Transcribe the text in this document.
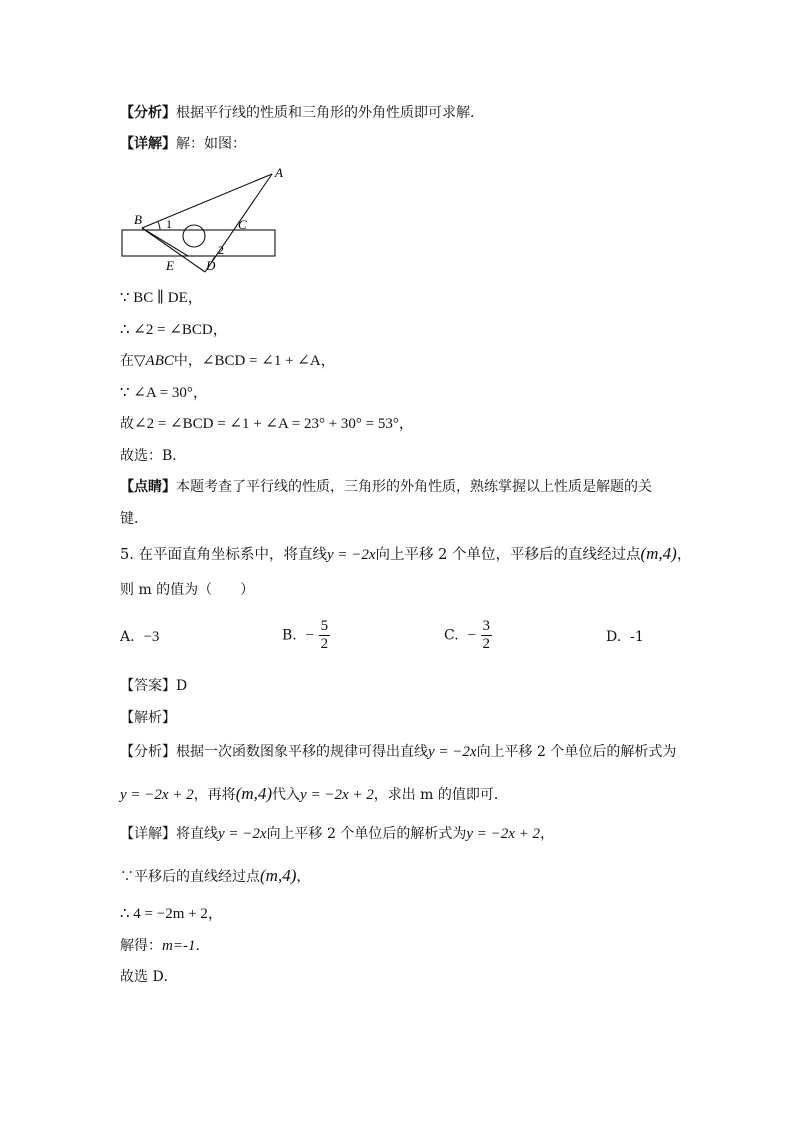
【分析】根据平行线的性质和三角形的外角性质即可求解．
【详解】解：如图：
A
B	C
D
E
1
2
∵ BC ∥ DE，
∴ ∠2 = ∠BCD，
在▽ABC中，∠BCD = ∠1 + ∠A，
∵ ∠A = 30°，
故∠2 = ∠BCD = ∠1 + ∠A = 23° + 30° = 53°，
故选：B．
【点睛】本题考查了平行线的性质，三角形的外角性质，熟练掌握以上性质是解题的关
键．
5. 在平面直角坐标系中，将直线y = −2x向上平移 2 个单位，平移后的直线经过点(m,4)，
则 m 的值为（　　）
A. −3	B. − $\frac{5}{2}$	C. − $\frac{3}{2}$	D. -1
【答案】D
【解析】
【分析】根据一次函数图象平移的规律可得出直线y = −2x向上平移 2 个单位后的解析式为
y = −2x + 2，再将(m,4)代入y = −2x + 2，求出 m 的值即可．
【详解】将直线y = −2x向上平移 2 个单位后的解析式为y = −2x + 2，
∵平移后的直线经过点(m,4)，
∴ 4 = −2m + 2，
解得：m=-1．
故选 D．
